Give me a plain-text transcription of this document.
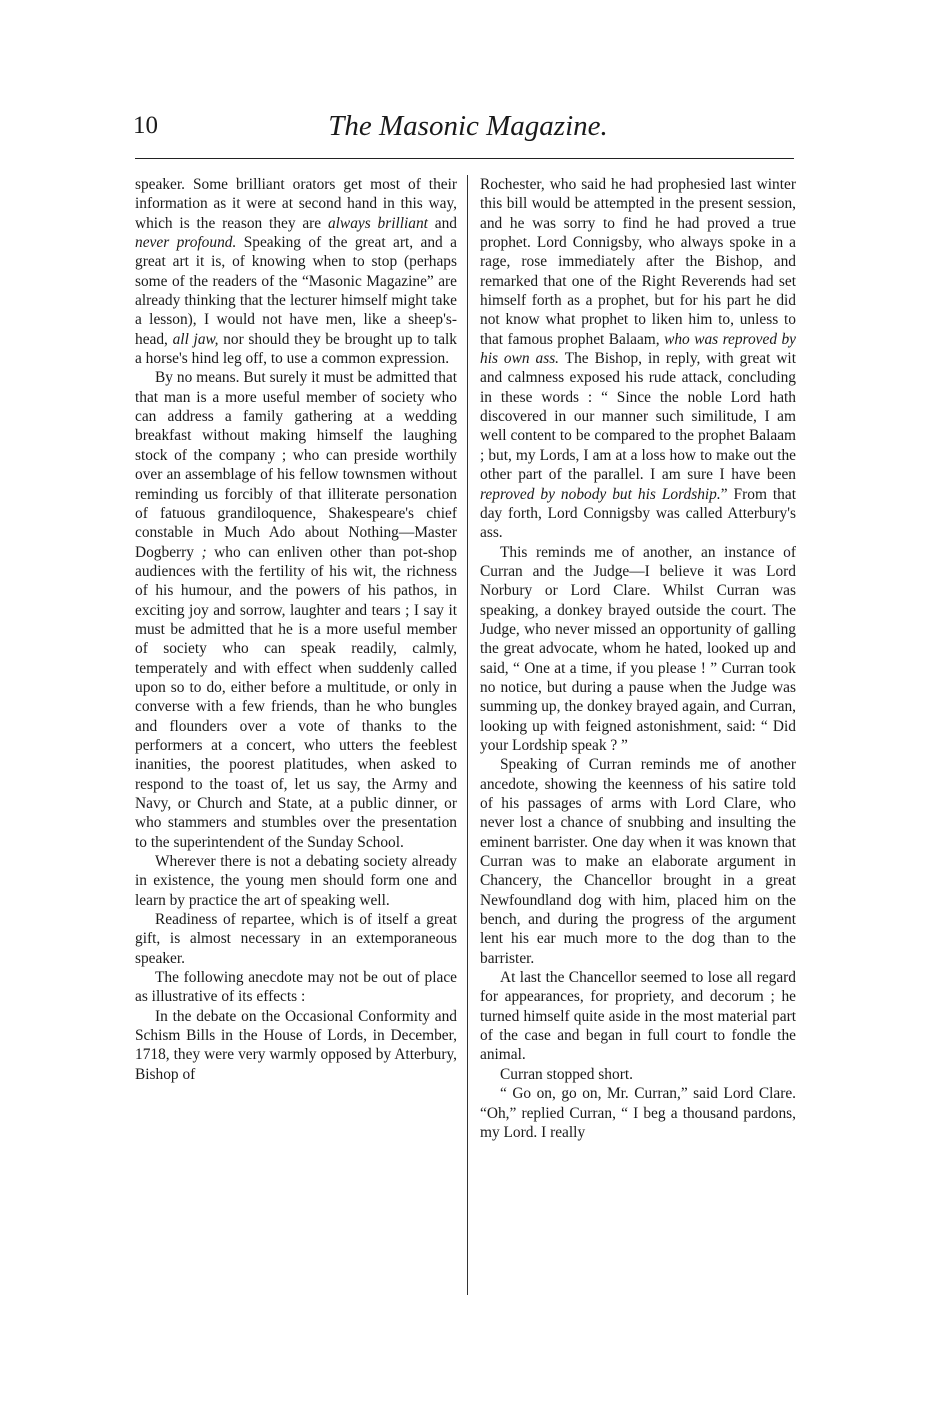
10	The Masonic Magazine.

speaker. Some brilliant orators get most of their information as it were at second hand in this way, which is the reason they are always brilliant and never profound. Speaking of the great art, and a great art it is, of knowing when to stop (perhaps some of the readers of the “Masonic Magazine” are already thinking that the lecturer himself might take a lesson), I would not have men, like a sheep's-head, all jaw, nor should they be brought up to talk a horse's hind leg off, to use a common expression.

By no means. But surely it must be admitted that that man is a more useful member of society who can address a family gathering at a wedding breakfast without making himself the laughing stock of the company ; who can preside worthily over an assemblage of his fellow townsmen without reminding us forcibly of that illiterate personation of fatuous grandiloquence, Shakespeare's chief constable in Much Ado about Nothing—Master Dogberry ; who can enliven other than pot-shop audiences with the fertility of his wit, the richness of his humour, and the powers of his pathos, in exciting joy and sorrow, laughter and tears ; I say it must be admitted that he is a more useful member of society who can speak readily, calmly, temperately and with effect when suddenly called upon so to do, either before a multitude, or only in converse with a few friends, than he who bungles and flounders over a vote of thanks to the performers at a concert, who utters the feeblest inanities, the poorest platitudes, when asked to respond to the toast of, let us say, the Army and Navy, or Church and State, at a public dinner, or who stammers and stumbles over the presentation to the superintendent of the Sunday School.

Wherever there is not a debating society already in existence, the young men should form one and learn by practice the art of speaking well.

Readiness of repartee, which is of itself a great gift, is almost necessary in an extemporaneous speaker.

The following anecdote may not be out of place as illustrative of its effects :

In the debate on the Occasional Conformity and Schism Bills in the House of Lords, in December, 1718, they were very warmly opposed by Atterbury, Bishop of

Rochester, who said he had prophesied last winter this bill would be attempted in the present session, and he was sorry to find he had proved a true prophet. Lord Connigsby, who always spoke in a rage, rose immediately after the Bishop, and remarked that one of the Right Reverends had set himself forth as a prophet, but for his part he did not know what prophet to liken him to, unless to that famous prophet Balaam, who was reproved by his own ass. The Bishop, in reply, with great wit and calmness exposed his rude attack, concluding in these words : “ Since the noble Lord hath discovered in our manner such similitude, I am well content to be compared to the prophet Balaam ; but, my Lords, I am at a loss how to make out the other part of the parallel. I am sure I have been reproved by nobody but his Lordship.” From that day forth, Lord Connigsby was called Atterbury's ass.

This reminds me of another, an instance of Curran and the Judge—I believe it was Lord Norbury or Lord Clare. Whilst Curran was speaking, a donkey brayed outside the court. The Judge, who never missed an opportunity of galling the great advocate, whom he hated, looked up and said, “ One at a time, if you please ! ” Curran took no notice, but during a pause when the Judge was summing up, the donkey brayed again, and Curran, looking up with feigned astonishment, said: “ Did your Lordship speak ? ”

Speaking of Curran reminds me of another ancedote, showing the keenness of his satire told of his passages of arms with Lord Clare, who never lost a chance of snubbing and insulting the eminent barrister. One day when it was known that Curran was to make an elaborate argument in Chancery, the Chancellor brought in a great Newfoundland dog with him, placed him on the bench, and during the progress of the argument lent his ear much more to the dog than to the barrister.

At last the Chancellor seemed to lose all regard for appearances, for propriety, and decorum ; he turned himself quite aside in the most material part of the case and began in full court to fondle the animal.

Curran stopped short.

“ Go on, go on, Mr. Curran,” said Lord Clare. “Oh,” replied Curran, “ I beg a thousand pardons, my Lord. I really
